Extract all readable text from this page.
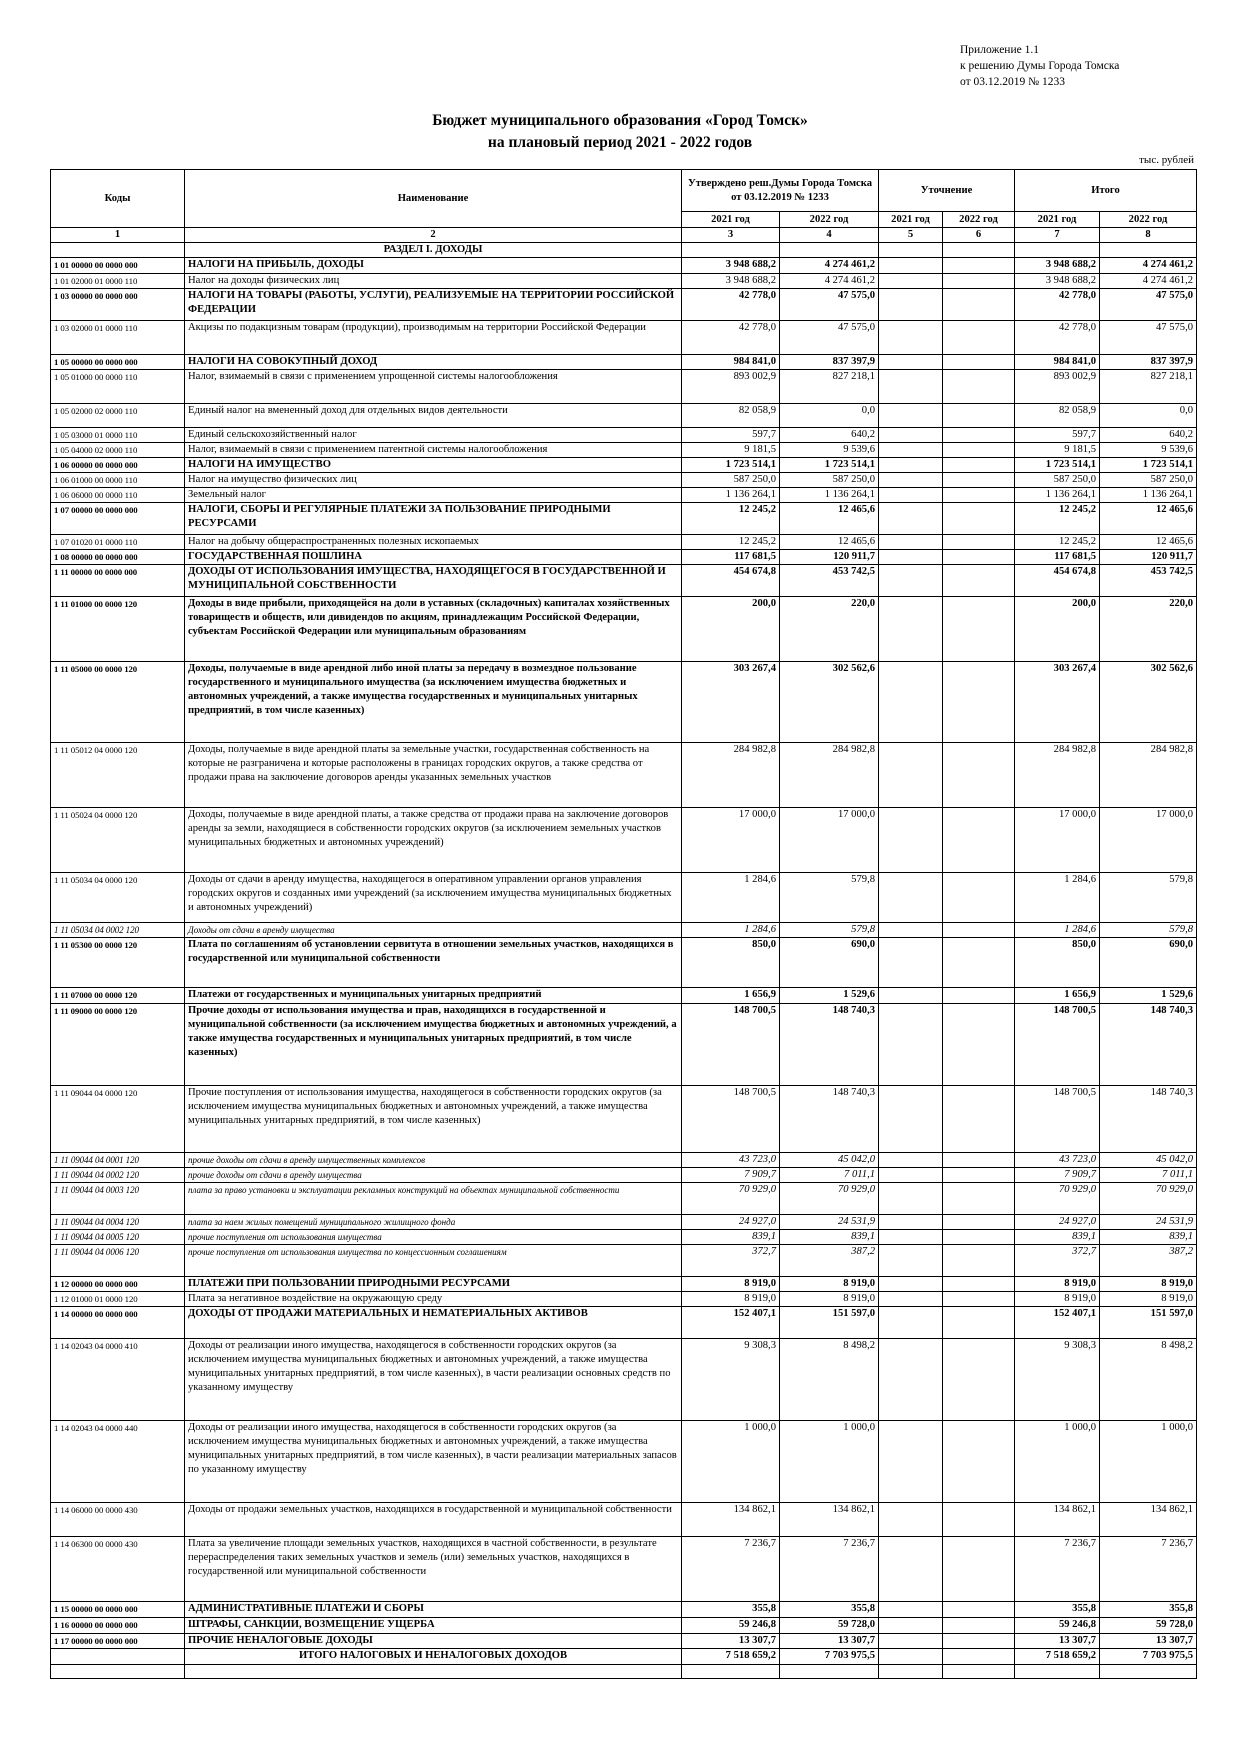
Приложение 1.1
к решению Думы Города Томска
от 03.12.2019 № 1233
Бюджет муниципального образования «Город Томск»
на плановый период 2021 - 2022 годов
тыс. рублей
Коды	Наименование	Утверждено реш.Думы Города Томска от 03.12.2019 № 1233		Уточнение		Итого	
		2021 год	2022 год	2021 год	2022 год	2021 год	2022 год
1	2	3	4	5	6	7	8
	РАЗДЕЛ I. ДОХОДЫ						
1 01 00000 00 0000 000	НАЛОГИ НА ПРИБЫЛЬ, ДОХОДЫ	3 948 688,2	4 274 461,2			3 948 688,2	4 274 461,2
1 01 02000 01 0000 110	Налог на доходы физических лиц	3 948 688,2	4 274 461,2			3 948 688,2	4 274 461,2
1 03 00000 00 0000 000	НАЛОГИ НА ТОВАРЫ (РАБОТЫ, УСЛУГИ), РЕАЛИЗУЕМЫЕ НА ТЕРРИТОРИИ РОССИЙСКОЙ ФЕДЕРАЦИИ	42 778,0	47 575,0			42 778,0	47 575,0
1 03 02000 01 0000 110	Акцизы по подакцизным товарам (продукции), производимым на территории Российской Федерации	42 778,0	47 575,0			42 778,0	47 575,0
1 05 00000 00 0000 000	НАЛОГИ НА СОВОКУПНЫЙ ДОХОД	984 841,0	837 397,9			984 841,0	837 397,9
1 05 01000 00 0000 110	Налог, взимаемый в связи с применением упрощенной системы налогообложения	893 002,9	827 218,1			893 002,9	827 218,1
1 05 02000 02 0000 110	Единый налог на вмененный доход для отдельных видов деятельности	82 058,9	0,0			82 058,9	0,0
1 05 03000 01 0000 110	Единый сельскохозяйственный налог	597,7	640,2			597,7	640,2
1 05 04000 02 0000 110	Налог, взимаемый в связи с применением патентной системы налогообложения	9 181,5	9 539,6			9 181,5	9 539,6
1 06 00000 00 0000 000	НАЛОГИ НА ИМУЩЕСТВО	1 723 514,1	1 723 514,1			1 723 514,1	1 723 514,1
1 06 01000 00 0000 110	Налог на имущество физических лиц	587 250,0	587 250,0			587 250,0	587 250,0
1 06 06000 00 0000 110	Земельный налог	1 136 264,1	1 136 264,1			1 136 264,1	1 136 264,1
1 07 00000 00 0000 000	НАЛОГИ, СБОРЫ И РЕГУЛЯРНЫЕ ПЛАТЕЖИ ЗА ПОЛЬЗОВАНИЕ ПРИРОДНЫМИ РЕСУРСАМИ	12 245,2	12 465,6			12 245,2	12 465,6
1 07 01020 01 0000 110	Налог на добычу общераспространенных полезных ископаемых	12 245,2	12 465,6			12 245,2	12 465,6
1 08 00000 00 0000 000	ГОСУДАРСТВЕННАЯ ПОШЛИНА	117 681,5	120 911,7			117 681,5	120 911,7
1 11 00000 00 0000 000	ДОХОДЫ ОТ ИСПОЛЬЗОВАНИЯ ИМУЩЕСТВА, НАХОДЯЩЕГОСЯ В ГОСУДАРСТВЕННОЙ И МУНИЦИПАЛЬНОЙ СОБСТВЕННОСТИ	454 674,8	453 742,5			454 674,8	453 742,5
1 11 01000 00 0000 120	Доходы в виде прибыли, приходящейся на доли в уставных (складочных) капиталах хозяйственных товариществ и обществ, или дивидендов по акциям, принадлежащим Российской Федерации, субъектам Российской Федерации или муниципальным образованиям	200,0	220,0			200,0	220,0
1 11 05000 00 0000 120	Доходы, получаемые в виде арендной либо иной платы за передачу в возмездное пользование государственного и муниципального имущества (за исключением имущества бюджетных и автономных учреждений, а также имущества государственных и муниципальных унитарных предприятий, в том числе казенных)	303 267,4	302 562,6			303 267,4	302 562,6
1 11 05012 04 0000 120	Доходы, получаемые в виде арендной платы за земельные участки, государственная собственность на которые не разграничена и которые расположены в границах городских округов, а также средства от продажи права на заключение договоров аренды указанных земельных участков	284 982,8	284 982,8			284 982,8	284 982,8
1 11 05024 04 0000 120	Доходы, получаемые в виде арендной платы, а также средства от продажи права на заключение договоров аренды за земли, находящиеся в собственности городских округов (за исключением земельных участков муниципальных бюджетных и автономных учреждений)	17 000,0	17 000,0			17 000,0	17 000,0
1 11 05034 04 0000 120	Доходы от сдачи в аренду имущества, находящегося в оперативном управлении органов управления городских округов и созданных ими учреждений (за исключением имущества муниципальных бюджетных и автономных учреждений)	1 284,6	579,8			1 284,6	579,8
1 11 05034 04 0002 120	Доходы от сдачи в аренду имущества	1 284,6	579,8			1 284,6	579,8
1 11 05300 00 0000 120	Плата по соглашениям об установлении сервитута в отношении земельных участков, находящихся в государственной или муниципальной собственности	850,0	690,0			850,0	690,0
1 11 07000 00 0000 120	Платежи от государственных и муниципальных унитарных предприятий	1 656,9	1 529,6			1 656,9	1 529,6
1 11 09000 00 0000 120	Прочие доходы от использования имущества и прав, находящихся в государственной и муниципальной собственности (за исключением имущества бюджетных и автономных учреждений, а также имущества государственных и муниципальных унитарных предприятий, в том числе казенных)	148 700,5	148 740,3			148 700,5	148 740,3
1 11 09044 04 0000 120	Прочие поступления от использования имущества, находящегося в собственности городских округов (за исключением имущества муниципальных бюджетных и автономных учреждений, а также имущества муниципальных унитарных предприятий, в том числе казенных)	148 700,5	148 740,3			148 700,5	148 740,3
1 11 09044 04 0001 120	прочие доходы от сдачи в аренду имущественных комплексов	43 723,0	45 042,0			43 723,0	45 042,0
1 11 09044 04 0002 120	прочие доходы от сдачи в аренду имущества	7 909,7	7 011,1			7 909,7	7 011,1
1 11 09044 04 0003 120	плата за право установки и эксплуатации рекламных конструкций на объектах муниципальной собственности	70 929,0	70 929,0			70 929,0	70 929,0
1 11 09044 04 0004 120	плата за наем жилых помещений муниципального жилищного фонда	24 927,0	24 531,9			24 927,0	24 531,9
1 11 09044 04 0005 120	прочие поступления от использования имущества	839,1	839,1			839,1	839,1
1 11 09044 04 0006 120	прочие поступления от использования имущества по концессионным соглашениям	372,7	387,2			372,7	387,2
1 12 00000 00 0000 000	ПЛАТЕЖИ ПРИ ПОЛЬЗОВАНИИ ПРИРОДНЫМИ РЕСУРСАМИ	8 919,0	8 919,0			8 919,0	8 919,0
1 12 01000 01 0000 120	Плата за негативное воздействие на окружающую среду	8 919,0	8 919,0			8 919,0	8 919,0
1 14 00000 00 0000 000	ДОХОДЫ ОТ ПРОДАЖИ МАТЕРИАЛЬНЫХ И НЕМАТЕРИАЛЬНЫХ АКТИВОВ	152 407,1	151 597,0			152 407,1	151 597,0
1 14 02043 04 0000 410	Доходы от реализации иного имущества, находящегося в собственности городских округов (за исключением имущества муниципальных бюджетных и автономных учреждений, а также имущества муниципальных унитарных предприятий, в том числе казенных), в части реализации основных средств по указанному имуществу	9 308,3	8 498,2			9 308,3	8 498,2
1 14 02043 04 0000 440	Доходы от реализации иного имущества, находящегося в собственности городских округов (за исключением имущества муниципальных бюджетных и автономных учреждений, а также имущества муниципальных унитарных предприятий, в том числе казенных), в части реализации материальных запасов по указанному имуществу	1 000,0	1 000,0			1 000,0	1 000,0
1 14 06000 00 0000 430	Доходы от продажи земельных участков, находящихся в государственной и муниципальной собственности	134 862,1	134 862,1			134 862,1	134 862,1
1 14 06300 00 0000 430	Плата за увеличение площади земельных участков, находящихся в частной собственности, в результате перераспределения таких земельных участков и земель (или) земельных участков, находящихся в государственной или муниципальной собственности	7 236,7	7 236,7			7 236,7	7 236,7
1 15 00000 00 0000 000	АДМИНИСТРАТИВНЫЕ ПЛАТЕЖИ И СБОРЫ	355,8	355,8			355,8	355,8
1 16 00000 00 0000 000	ШТРАФЫ, САНКЦИИ, ВОЗМЕЩЕНИЕ УЩЕРБА	59 246,8	59 728,0			59 246,8	59 728,0
1 17 00000 00 0000 000	ПРОЧИЕ НЕНАЛОГОВЫЕ ДОХОДЫ	13 307,7	13 307,7			13 307,7	13 307,7
	ИТОГО НАЛОГОВЫХ И НЕНАЛОГОВЫХ ДОХОДОВ	7 518 659,2	7 703 975,5			7 518 659,2	7 703 975,5
